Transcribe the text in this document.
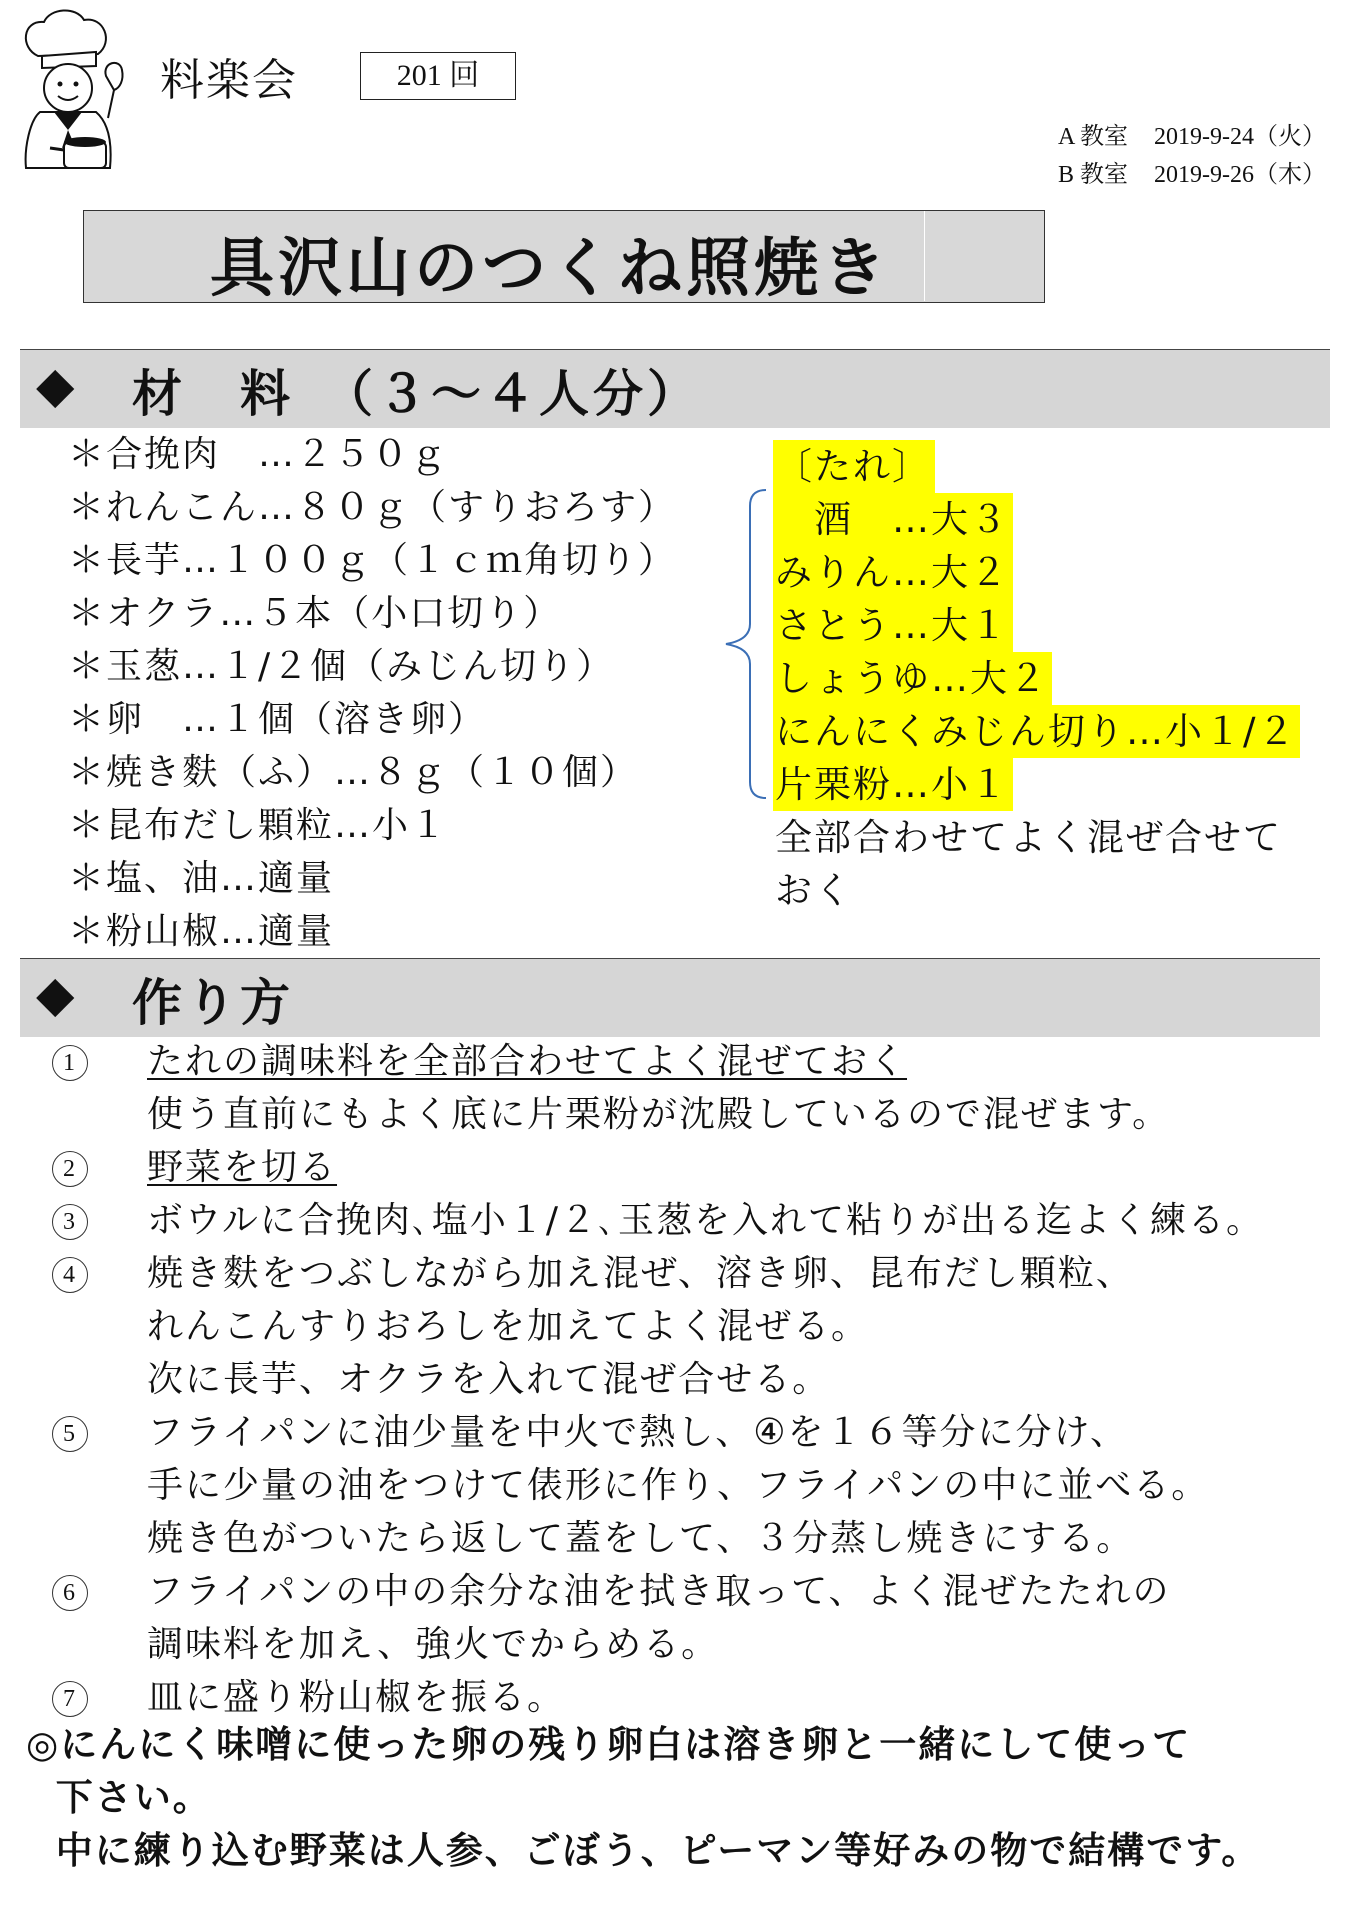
料楽会	201 回
A 教室 2019-9-24（火）
B 教室 2019-9-26（木）
具沢山のつくね照焼き
◆ 材　料　（３～４人分）
＊合挽肉　…２５０ｇ
＊れんこん…８０ｇ（すりおろす）
＊長芋…１００ｇ（１ｃｍ角切り）
＊オクラ…５本（小口切り）
＊玉葱…１/２個（みじん切り）
＊卵　…１個（溶き卵）
＊焼き麩（ふ）…８ｇ（１０個）
＊昆布だし顆粒…小１
＊塩、油…適量
＊粉山椒…適量
〔たれ〕
　酒　…大３
みりん…大２
さとう…大１
しょうゆ…大２
にんにくみじん切り…小１/２
片栗粉…小１
全部合わせてよく混ぜ合せて
おく
◆ 作り方
1	たれの調味料を全部合わせてよく混ぜておく
使う直前にもよく底に片栗粉が沈殿しているので混ぜます。
2	野菜を切る
3	ボウルに合挽肉､塩小１/２､玉葱を入れて粘りが出る迄よく練る。
4	焼き麩をつぶしながら加え混ぜ、溶き卵、昆布だし顆粒、
れんこんすりおろしを加えてよく混ぜる。
次に長芋、オクラを入れて混ぜ合せる。
5	フライパンに油少量を中火で熱し、④を１６等分に分け、
手に少量の油をつけて俵形に作り、フライパンの中に並べる。
焼き色がついたら返して蓋をして、３分蒸し焼きにする。
6	フライパンの中の余分な油を拭き取って、よく混ぜたたれの
調味料を加え、強火でからめる。
7	皿に盛り粉山椒を振る。
◎にんにく味噌に使った卵の残り卵白は溶き卵と一緒にして使って
下さい。
中に練り込む野菜は人参、ごぼう、ピーマン等好みの物で結構です。
